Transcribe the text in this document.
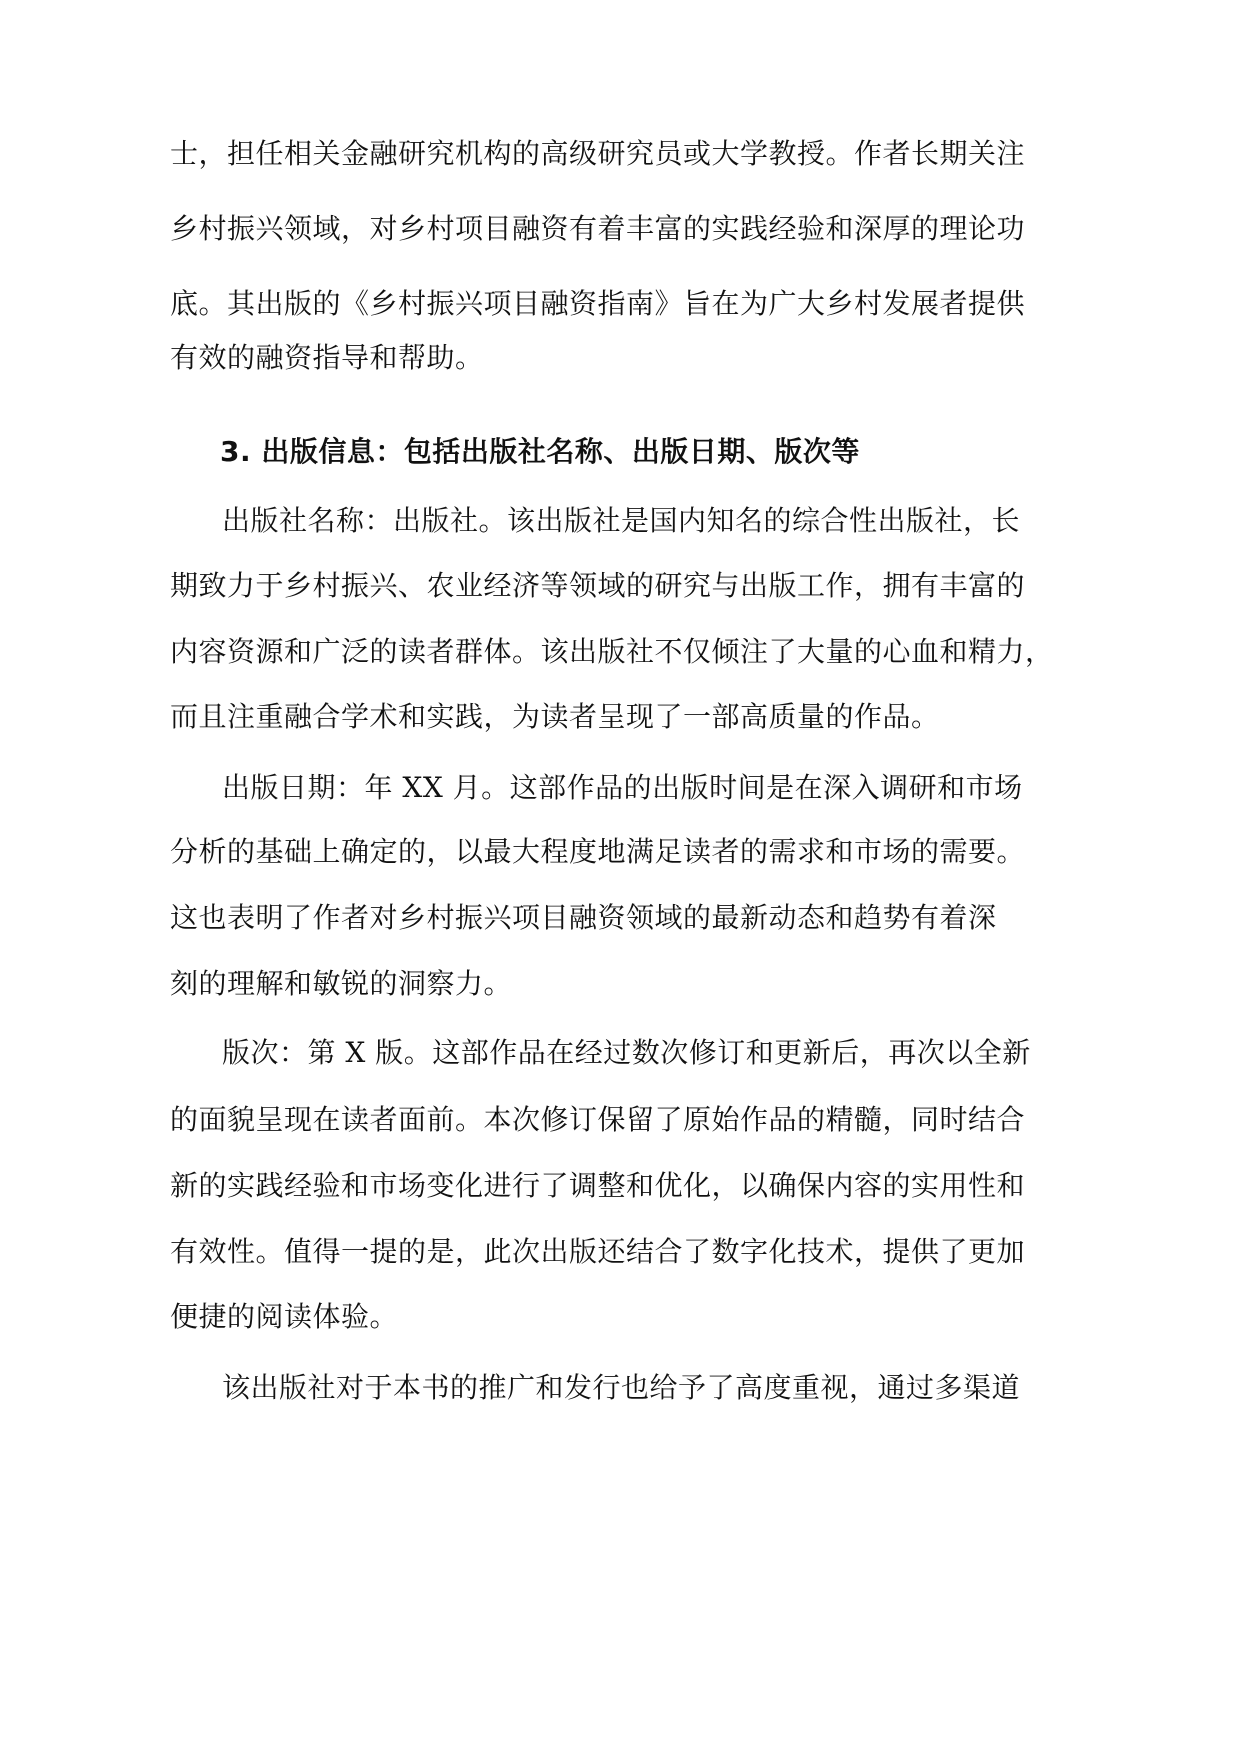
士，担任相关金融研究机构的高级研究员或大学教授。作者长期关注

乡村振兴领域，对乡村项目融资有着丰富的实践经验和深厚的理论功

底。其出版的《乡村振兴项目融资指南》旨在为广大乡村发展者提供

有效的融资指导和帮助。

3. 出版信息：包括出版社名称、出版日期、版次等

出版社名称：出版社。该出版社是国内知名的综合性出版社，长

期致力于乡村振兴、农业经济等领域的研究与出版工作，拥有丰富的

内容资源和广泛的读者群体。该出版社不仅倾注了大量的心血和精力，

而且注重融合学术和实践，为读者呈现了一部高质量的作品。

出版日期：年 XX 月。这部作品的出版时间是在深入调研和市场

分析的基础上确定的，以最大程度地满足读者的需求和市场的需要。

这也表明了作者对乡村振兴项目融资领域的最新动态和趋势有着深

刻的理解和敏锐的洞察力。

版次：第 X 版。这部作品在经过数次修订和更新后，再次以全新

的面貌呈现在读者面前。本次修订保留了原始作品的精髓，同时结合

新的实践经验和市场变化进行了调整和优化，以确保内容的实用性和

有效性。值得一提的是，此次出版还结合了数字化技术，提供了更加

便捷的阅读体验。

该出版社对于本书的推广和发行也给予了高度重视，通过多渠道
